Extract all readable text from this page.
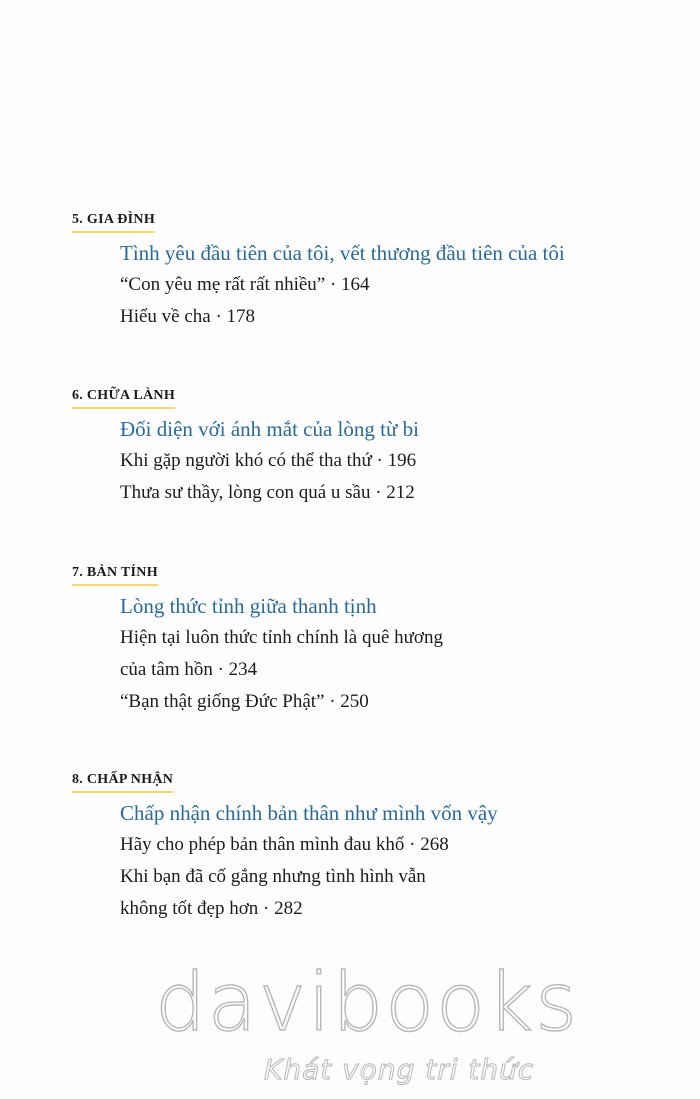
5. GIA ĐÌNH
Tình yêu đầu tiên của tôi, vết thương đầu tiên của tôi
“Con yêu mẹ rất rất nhiều” · 164
Hiểu về cha · 178
6. CHỮA LÀNH
Đối diện với ánh mắt của lòng từ bi
Khi gặp người khó có thể tha thứ · 196
Thưa sư thầy, lòng con quá u sầu · 212
7. BẢN TÍNH
Lòng thức tỉnh giữa thanh tịnh
Hiện tại luôn thức tỉnh chính là quê hương
của tâm hồn · 234
“Bạn thật giống Đức Phật” · 250
8. CHẤP NHẬN
Chấp nhận chính bản thân như mình vốn vậy
Hãy cho phép bản thân mình đau khổ · 268
Khi bạn đã cố gắng nhưng tình hình vẫn
không tốt đẹp hơn · 282
davibooks
Khát vọng tri thức
